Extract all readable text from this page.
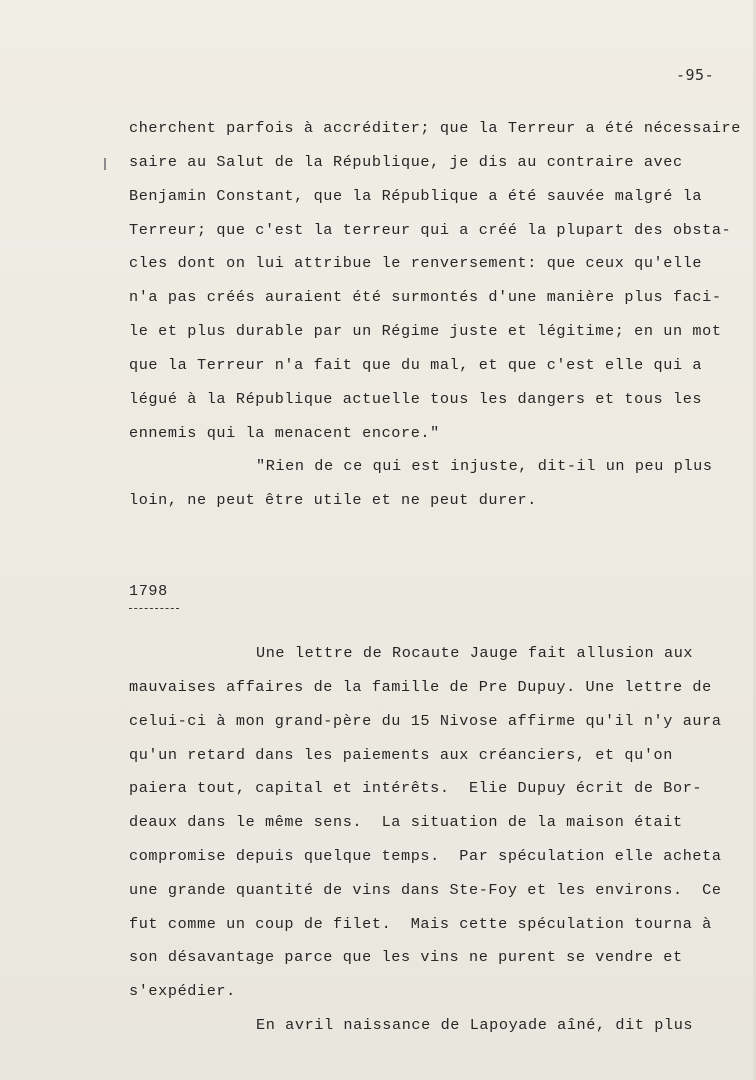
-95-
cherchent parfois à accréditer; que la Terreur a été nécessaire
saire au Salut de la République, je dis au contraire avec
Benjamin Constant, que la République a été sauvée malgré la
Terreur; que c'est la terreur qui a créé la plupart des obsta-
cles dont on lui attribue le renversement: que ceux qu'elle
n'a pas créés auraient été surmontés d'une manière plus faci-
le et plus durable par un Régime juste et légitime; en un mot
que la Terreur n'a fait que du mal, et que c'est elle qui a
légué à la République actuelle tous les dangers et tous les
ennemis qui la menacent encore."
"Rien de ce qui est injuste, dit-il un peu plus
loin, ne peut être utile et ne peut durer.
1798
Une lettre de Rocaute Jauge fait allusion aux
mauvaises affaires de la famille de Pre Dupuy. Une lettre de
celui-ci à mon grand-père du 15 Nivose affirme qu'il n'y aura
qu'un retard dans les paiements aux créanciers, et qu'on
paiera tout, capital et intérêts.  Elie Dupuy écrit de Bor-
deaux dans le même sens.  La situation de la maison était
compromise depuis quelque temps.  Par spéculation elle acheta
une grande quantité de vins dans Ste-Foy et les environs.  Ce
fut comme un coup de filet.  Mais cette spéculation tourna à
son désavantage parce que les vins ne purent se vendre et
s'expédier.
En avril naissance de Lapoyade aîné, dit plus
